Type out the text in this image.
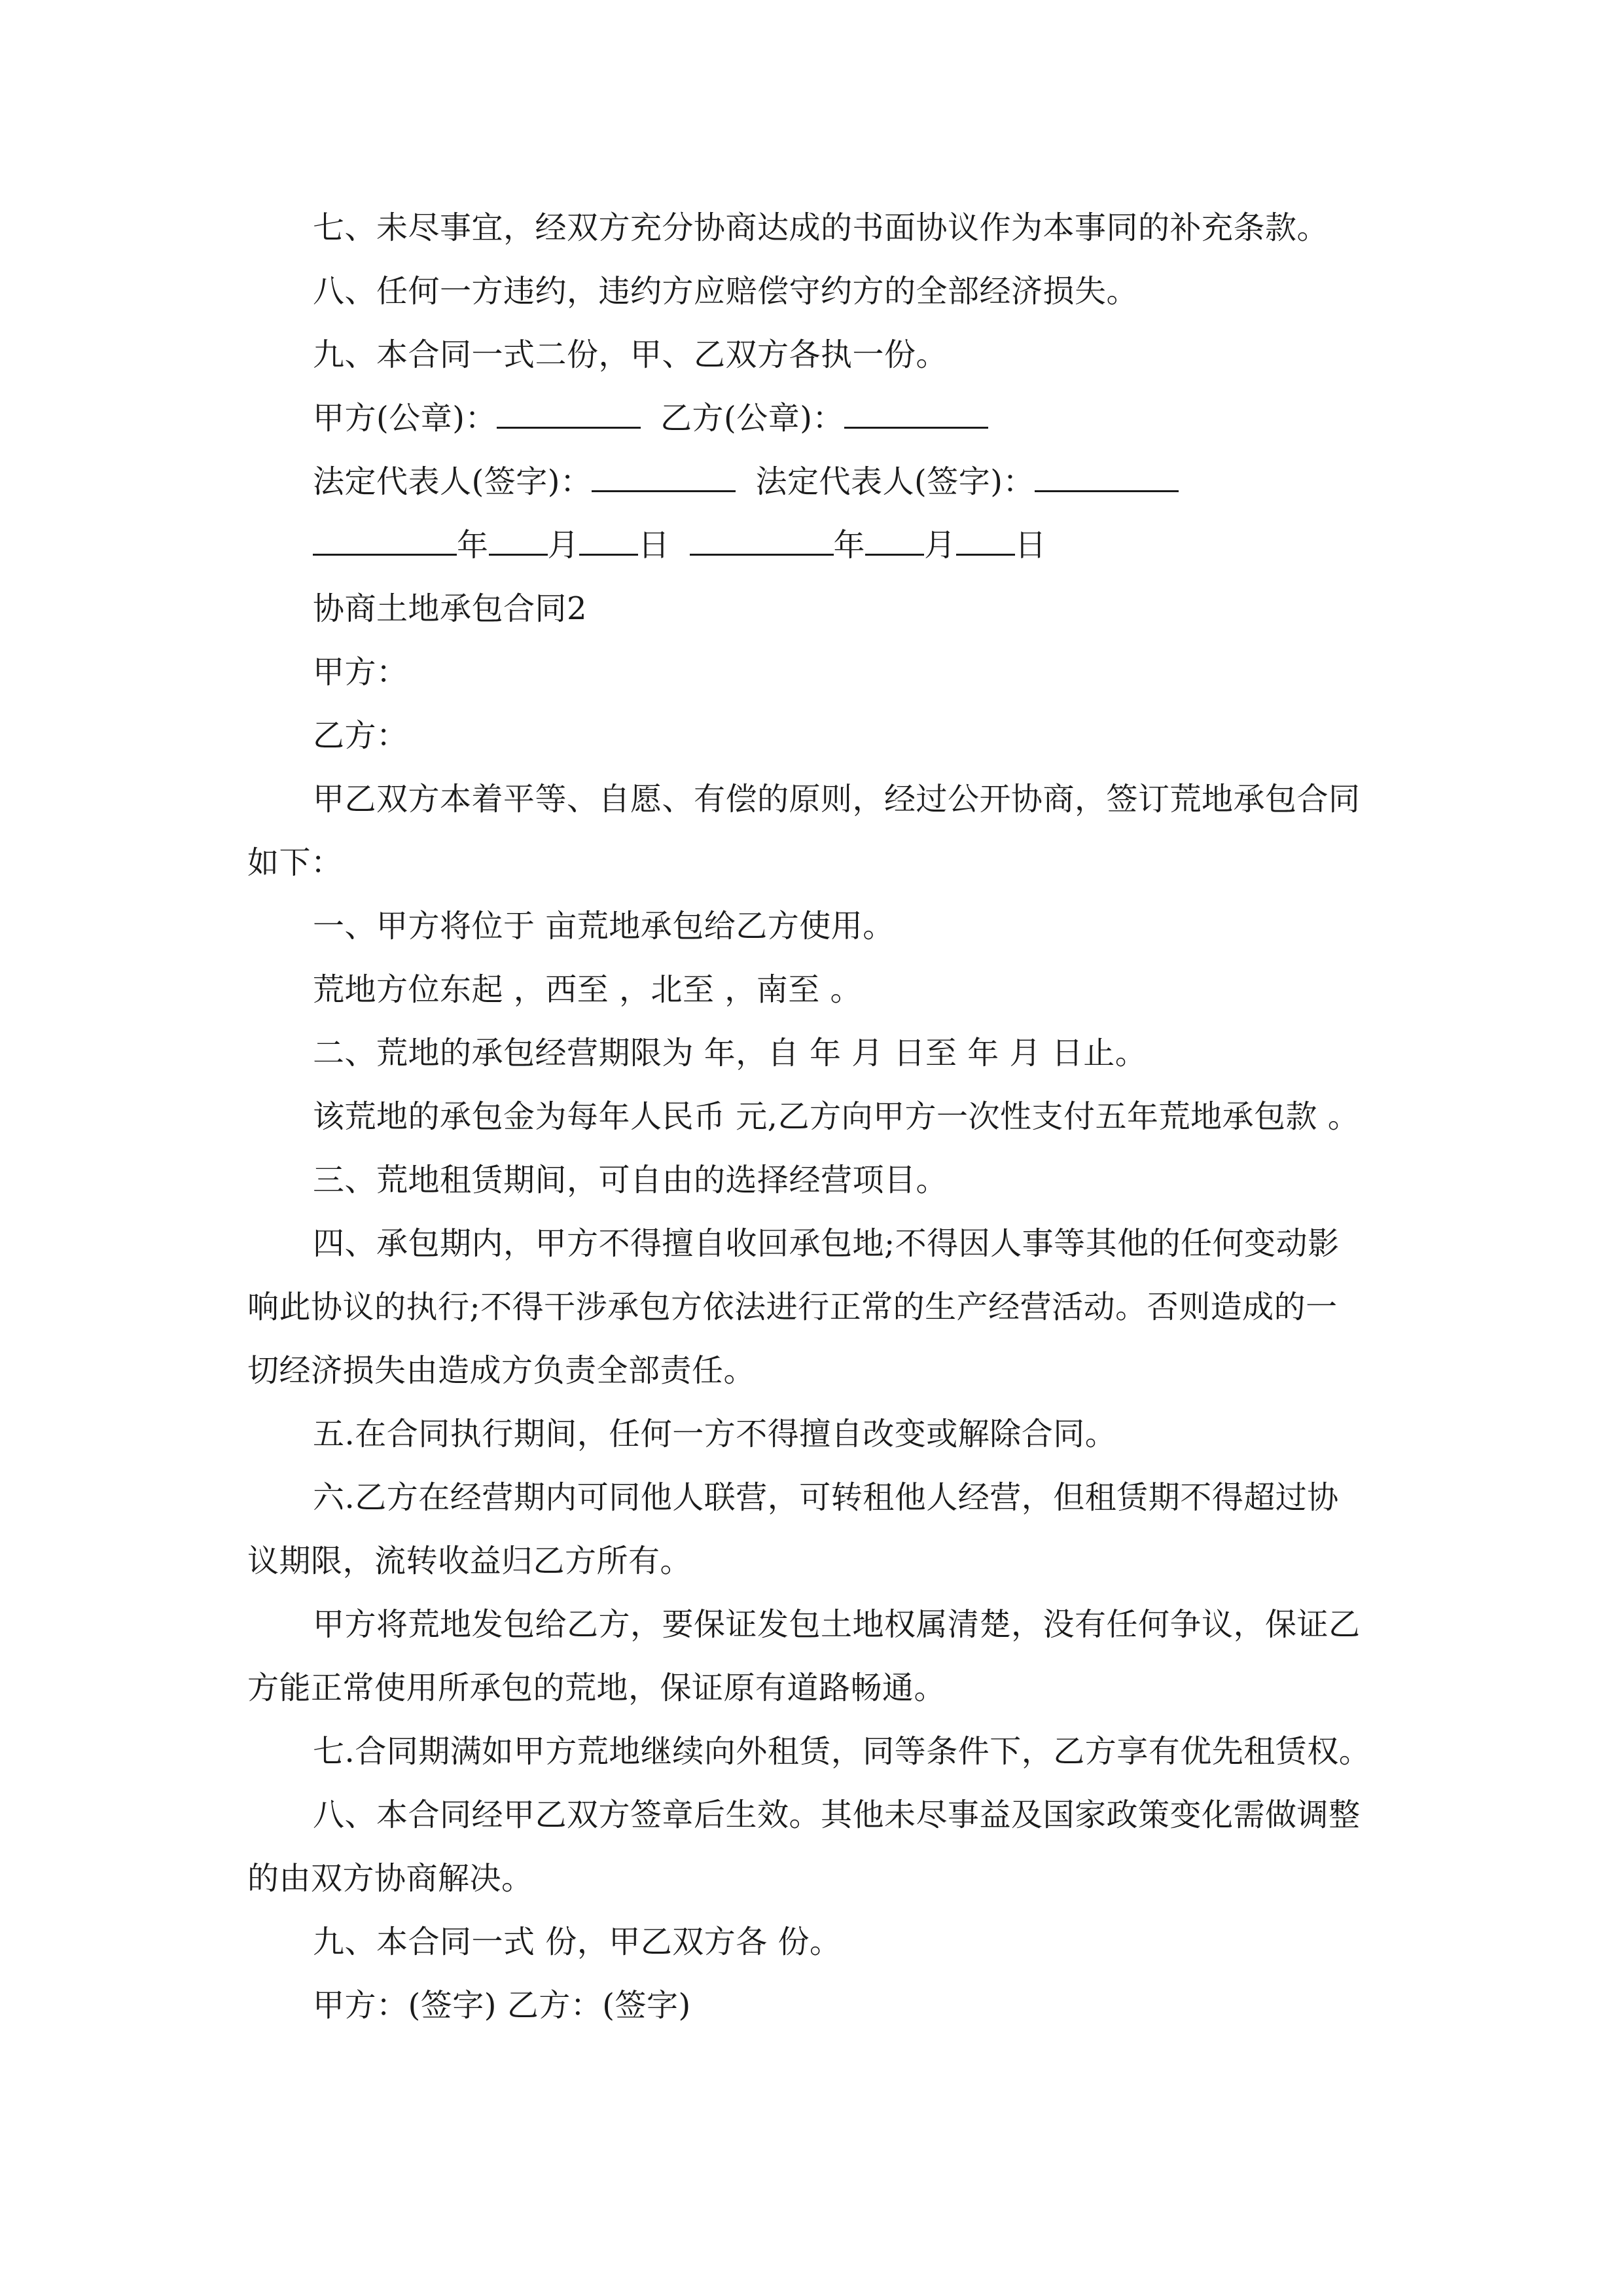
七、未尽事宜，经双方充分协商达成的书面协议作为本事同的补充条款。
八、任何一方违约，违约方应赔偿守约方的全部经济损失。
九、本合同一式二份，甲、乙双方各执一份。
甲方(公章)：	乙方(公章)：
法定代表人(签字)：	法定代表人(签字)：
年 月 日	年 月 日
协商土地承包合同2
甲方：
乙方：
甲乙双方本着平等、自愿、有偿的原则，经过公开协商，签订荒地承包合同
如下：
一、甲方将位于 亩荒地承包给乙方使用。
荒地方位东起 ，西至 ，北至 ，南至 。
二、荒地的承包经营期限为 年，自 年 月 日至 年 月 日止。
该荒地的承包金为每年人民币 元,乙方向甲方一次性支付五年荒地承包款 。
三、荒地租赁期间，可自由的选择经营项目。
四、承包期内，甲方不得擅自收回承包地;不得因人事等其他的任何变动影
响此协议的执行;不得干涉承包方依法进行正常的生产经营活动。否则造成的一
切经济损失由造成方负责全部责任。
五.在合同执行期间，任何一方不得擅自改变或解除合同。
六.乙方在经营期内可同他人联营，可转租他人经营，但租赁期不得超过协
议期限，流转收益归乙方所有。
甲方将荒地发包给乙方，要保证发包土地权属清楚，没有任何争议，保证乙
方能正常使用所承包的荒地，保证原有道路畅通。
七.合同期满如甲方荒地继续向外租赁，同等条件下，乙方享有优先租赁权。
八、本合同经甲乙双方签章后生效。其他未尽事益及国家政策变化需做调整
的由双方协商解决。
九、本合同一式 份，甲乙双方各 份。
甲方：(签字) 乙方：(签字)
